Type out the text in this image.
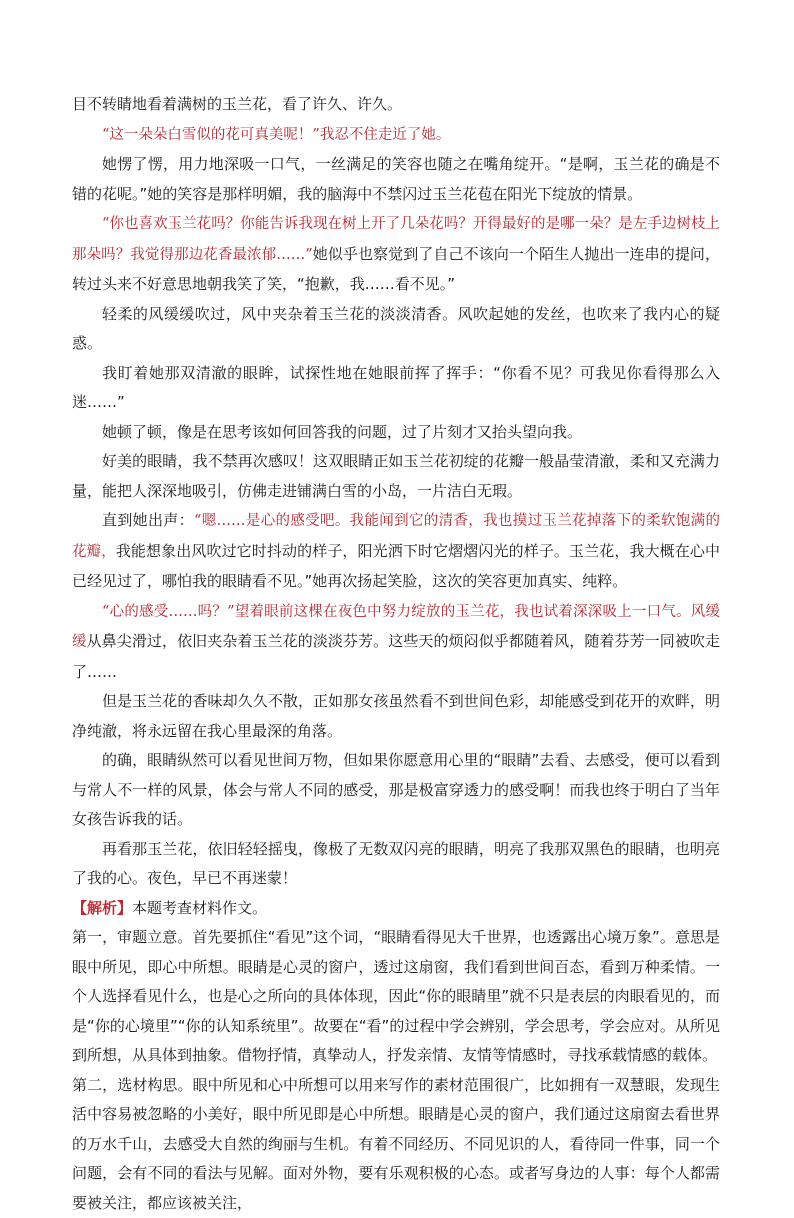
目不转睛地看着满树的玉兰花，看了许久、许久。

“这一朵朵白雪似的花可真美呢！”我忍不住走近了她。

她愣了愣，用力地深吸一口气，一丝满足的笑容也随之在嘴角绽开。“是啊，玉兰花的确是不错的花呢。”她的笑容是那样明媚，我的脑海中不禁闪过玉兰花苞在阳光下绽放的情景。

“你也喜欢玉兰花吗？你能告诉我现在树上开了几朵花吗？开得最好的是哪一朵？是左手边树枝上那朵吗？我觉得那边花香最浓郁……”她似乎也察觉到了自己不该向一个陌生人抛出一连串的提问，转过头来不好意思地朝我笑了笑，“抱歉，我……看不见。”

轻柔的风缓缓吹过，风中夹杂着玉兰花的淡淡清香。风吹起她的发丝，也吹来了我内心的疑惑。

我盯着她那双清澈的眼眸，试探性地在她眼前挥了挥手：“你看不见？可我见你看得那么入迷……”

她顿了顿，像是在思考该如何回答我的问题，过了片刻才又抬头望向我。

好美的眼睛，我不禁再次感叹！这双眼睛正如玉兰花初绽的花瓣一般晶莹清澈，柔和又充满力量，能把人深深地吸引，仿佛走进铺满白雪的小岛，一片洁白无瑕。

直到她出声：“嗯……是心的感受吧。我能闻到它的清香，我也摸过玉兰花掉落下的柔软饱满的花瓣，我能想象出风吹过它时抖动的样子，阳光洒下时它熠熠闪光的样子。玉兰花，我大概在心中已经见过了，哪怕我的眼睛看不见。”她再次扬起笑脸，这次的笑容更加真实、纯粹。

“心的感受……吗？”望着眼前这棵在夜色中努力绽放的玉兰花，我也试着深深吸上一口气。风缓缓从鼻尖滑过，依旧夹杂着玉兰花的淡淡芬芳。这些天的烦闷似乎都随着风，随着芬芳一同被吹走了……

但是玉兰花的香味却久久不散，正如那女孩虽然看不到世间色彩，却能感受到花开的欢畔，明净纯澈，将永远留在我心里最深的角落。

的确，眼睛纵然可以看见世间万物，但如果你愿意用心里的“眼睛”去看、去感受，便可以看到与常人不一样的风景，体会与常人不同的感受，那是极富穿透力的感受啊！而我也终于明白了当年女孩告诉我的话。

再看那玉兰花，依旧轻轻摇曳，像极了无数双闪亮的眼睛，明亮了我那双黑色的眼睛，也明亮了我的心。夜色，早已不再迷蒙！

【解析】本题考查材料作文。

第一，审题立意。首先要抓住“看见”这个词，“眼睛看得见大千世界，也透露出心境万象”。意思是眼中所见，即心中所想。眼睛是心灵的窗户，透过这扇窗，我们看到世间百态，看到万种柔情。一个人选择看见什么，也是心之所向的具体体现，因此“你的眼睛里”就不只是表层的肉眼看见的，而是“你的心境里”“你的认知系统里”。故要在“看”的过程中学会辨别，学会思考，学会应对。从所见到所想，从具体到抽象。借物抒情，真挚动人，抒发亲情、友情等情感时，寻找承载情感的载体。

第二，选材构思。眼中所见和心中所想可以用来写作的素材范围很广，比如拥有一双慧眼，发现生活中容易被忽略的小美好，眼中所见即是心中所想。眼睛是心灵的窗户，我们通过这扇窗去看世界的万水千山，去感受大自然的绚丽与生机。有着不同经历、不同见识的人，看待同一件事，同一个问题，会有不同的看法与见解。面对外物，要有乐观积极的心态。或者写身边的人事：每个人都需要被关注，都应该被关注，
